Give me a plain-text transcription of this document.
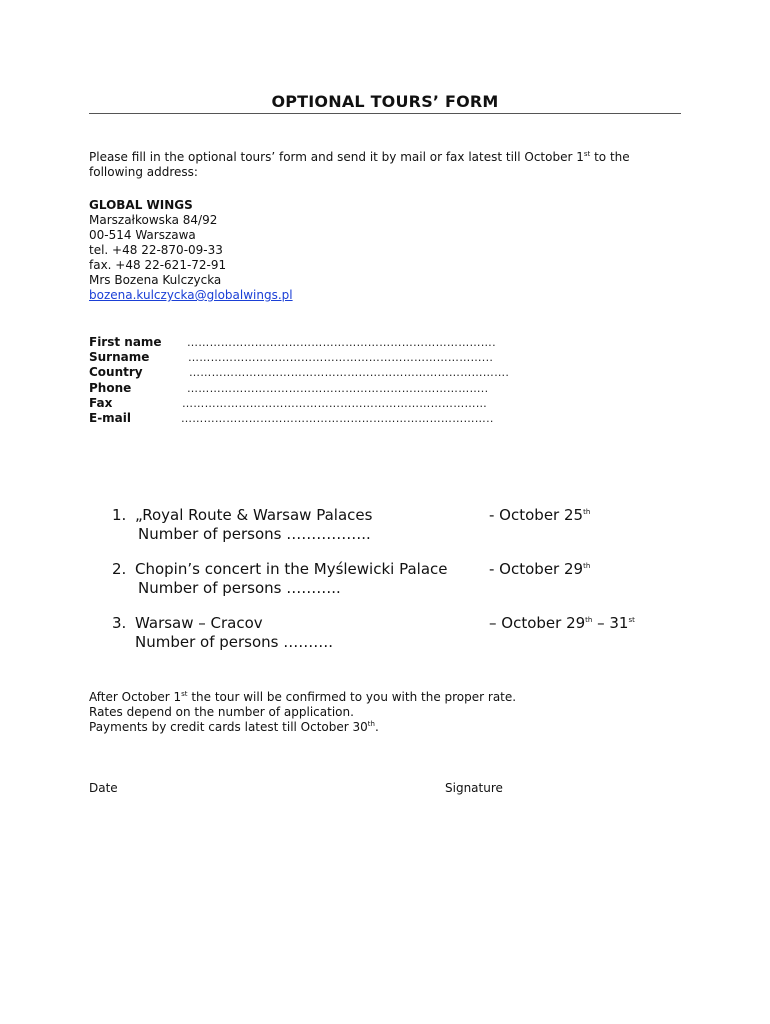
OPTIONAL TOURS’ FORM
Please fill in the optional tours’ form and send it by mail or fax latest till October 1st to the
following address:
GLOBAL WINGS
Marszałkowska 84/92
00-514 Warszawa
tel. +48 22-870-09-33
fax. +48 22-621-72-91
Mrs Bozena Kulczycka
bozena.kulczycka@globalwings.pl
First name ……………………………………………………………………….
Surname	……………………………………………………………………...
Country	………………………………………………………………………….
Phone	……………………………………………………………………..
Fax	………………………………………………………………………
E-mail	………………………………………………………………………..
1. „Royal Route & Warsaw Palaces
Number of persons ……………..
- October 25th
2. Chopin’s concert in the Myślewicki Palace
Number of persons ………..
- October 29th
3. Warsaw – Cracov
Number of persons ……….
– October 29th – 31st
After October 1st the tour will be confirmed to you with the proper rate.
Rates depend on the number of application.
Payments by credit cards latest till October 30th.
Date	Signature
